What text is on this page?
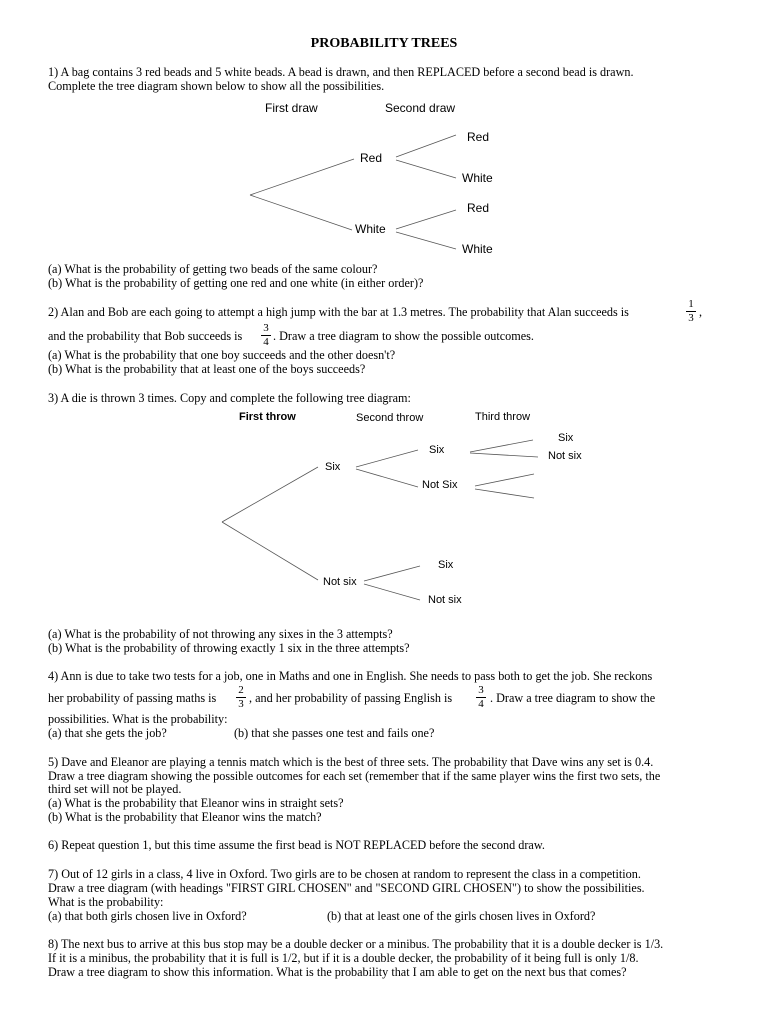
PROBABILITY TREES
1) A bag contains 3 red beads and 5 white beads. A bead is drawn, and then REPLACED before a second bead is drawn.
Complete the tree diagram shown below to show all the possibilities.
First draw	Second draw
Red
White
Red
White
Red
White
(a) What is the probability of getting two beads of the same colour?
(b) What is the probability of getting one red and one white (in either order)?
2) Alan and Bob are each going to attempt a high jump with the bar at 1.3 metres. The probability that Alan succeeds is
1
3 ,
and the probability that Bob succeeds is
3
4 . Draw a tree diagram to show the possible outcomes.
(a) What is the probability that one boy succeeds and the other doesn't?
(b) What is the probability that at least one of the boys succeeds?
3) A die is thrown 3 times. Copy and complete the following tree diagram:
First throw	Second throw	Third throw
Six
Not six
Six
Not Six
Six
Not six
Six
Not six
(a) What is the probability of not throwing any sixes in the 3 attempts?
(b) What is the probability of throwing exactly 1 six in the three attempts?
4) Ann is due to take two tests for a job, one in Maths and one in English. She needs to pass both to get the job. She reckons
her probability of passing maths is
2
3 , and her probability of passing English is
3
4 . Draw a tree diagram to show the
possibilities. What is the probability:
(a) that she gets the job?	(b) that she passes one test and fails one?
5) Dave and Eleanor are playing a tennis match which is the best of three sets. The probability that Dave wins any set is 0.4.
Draw a tree diagram showing the possible outcomes for each set (remember that if the same player wins the first two sets, the
third set will not be played.
(a) What is the probability that Eleanor wins in straight sets?
(b) What is the probability that Eleanor wins the match?
6) Repeat question 1, but this time assume the first bead is NOT REPLACED before the second draw.
7) Out of 12 girls in a class, 4 live in Oxford. Two girls are to be chosen at random to represent the class in a competition.
Draw a tree diagram (with headings "FIRST GIRL CHOSEN" and "SECOND GIRL CHOSEN") to show the possibilities.
What is the probability:
(a) that both girls chosen live in Oxford?	(b) that at least one of the girls chosen lives in Oxford?
8) The next bus to arrive at this bus stop may be a double decker or a minibus. The probability that it is a double decker is 1/3.
If it is a minibus, the probability that it is full is 1/2, but if it is a double decker, the probability of it being full is only 1/8.
Draw a tree diagram to show this information. What is the probability that I am able to get on the next bus that comes?
